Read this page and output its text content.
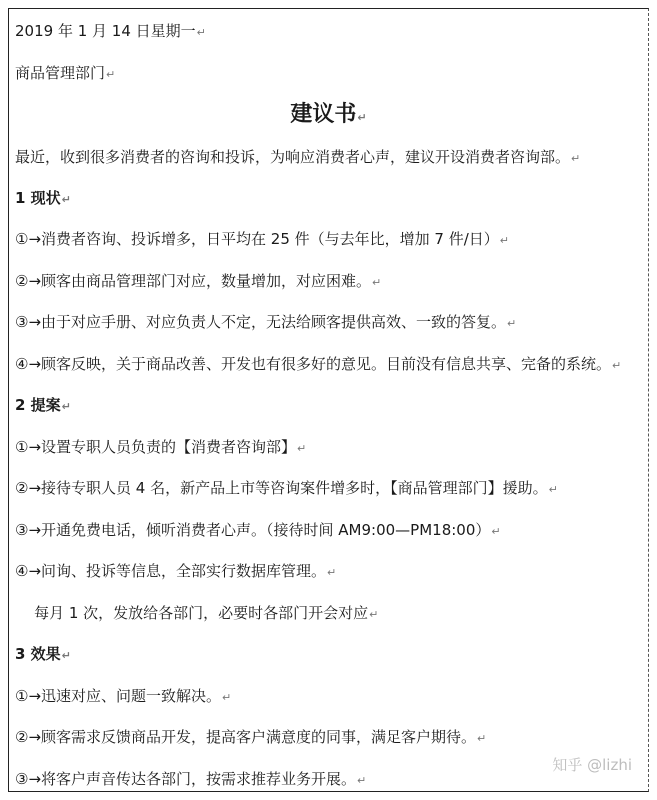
2019 年 1 月 14 日星期一↵
商品管理部门↵
建议书↵
最近，收到很多消费者的咨询和投诉，为响应消费者心声，建议开设消费者咨询部。↵
1 现状↵
①→消费者咨询、投诉增多，日平均在 25 件（与去年比，增加 7 件/日）↵
②→顾客由商品管理部门对应，数量增加，对应困难。↵
③→由于对应手册、对应负责人不定，无法给顾客提供高效、一致的答复。↵
④→顾客反映，关于商品改善、开发也有很多好的意见。目前没有信息共享、完备的系统。↵
2 提案↵
①→设置专职人员负责的【消费者咨询部】↵
②→接待专职人员 4 名，新产品上市等咨询案件增多时，【商品管理部门】援助。↵
③→开通免费电话，倾听消费者心声。（接待时间 AM9:00—PM18:00）↵
④→问询、投诉等信息，全部实行数据库管理。↵
每月 1 次，发放给各部门，必要时各部门开会对应↵
3 效果↵
①→迅速对应、问题一致解决。↵
②→顾客需求反馈商品开发，提高客户满意度的同事，满足客户期待。↵
③→将客户声音传达各部门，按需求推荐业务开展。↵
知乎 @lizhi
